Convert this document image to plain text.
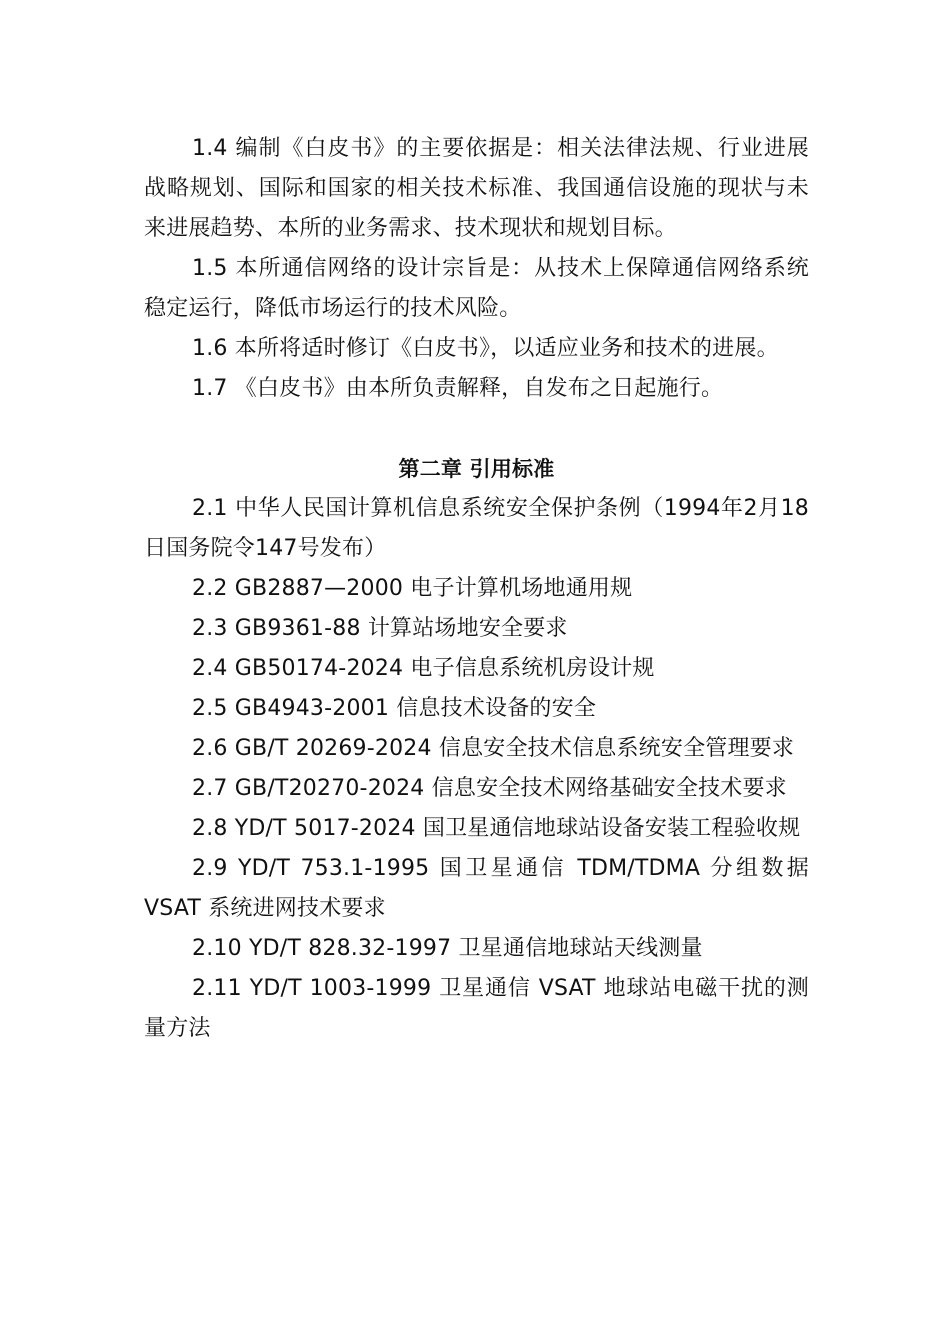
1.4 编制《白皮书》的主要依据是：相关法律法规、行业进展战略规划、国际和国家的相关技术标准、我国通信设施的现状与未来进展趋势、本所的业务需求、技术现状和规划目标。

1.5 本所通信网络的设计宗旨是：从技术上保障通信网络系统稳定运行，降低市场运行的技术风险。

1.6 本所将适时修订《白皮书》，以适应业务和技术的进展。

1.7 《白皮书》由本所负责解释，自发布之日起施行。

第二章 引用标准

2.1 中华人民国计算机信息系统安全保护条例（1994年2月18日国务院令147号发布）

2.2 GB2887—2000 电子计算机场地通用规

2.3 GB9361-88 计算站场地安全要求

2.4 GB50174-2024 电子信息系统机房设计规

2.5 GB4943-2001 信息技术设备的安全

2.6 GB/T 20269-2024 信息安全技术信息系统安全管理要求

2.7 GB/T20270-2024 信息安全技术网络基础安全技术要求

2.8 YD/T 5017-2024 国卫星通信地球站设备安装工程验收规

2.9 YD/T 753.1-1995 国卫星通信 TDM/TDMA 分组数据 VSAT 系统进网技术要求

2.10 YD/T 828.32-1997 卫星通信地球站天线测量

2.11 YD/T 1003-1999 卫星通信 VSAT 地球站电磁干扰的测量方法
